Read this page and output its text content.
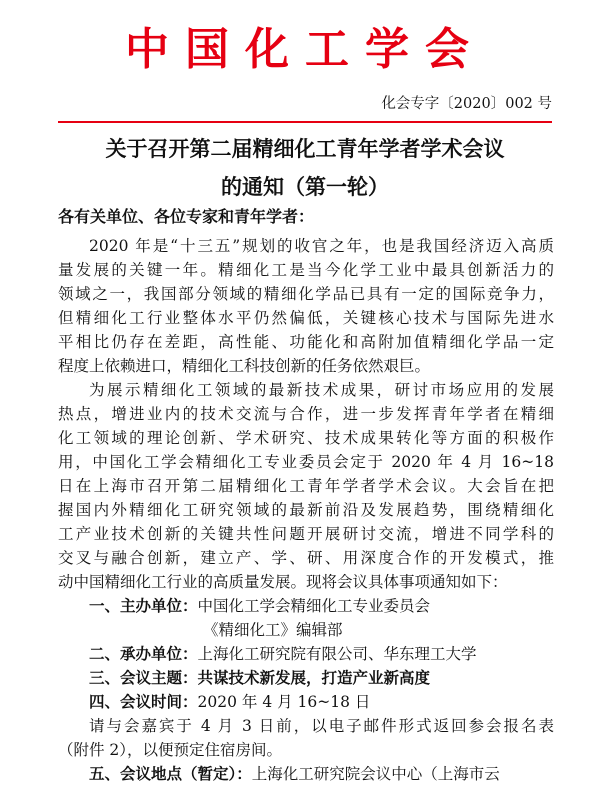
中国化工学会
化会专字〔2020〕002 号
关于召开第二届精细化工青年学者学术会议
的通知（第一轮）
各有关单位、各位专家和青年学者：
2020 年是“十三五”规划的收官之年，也是我国经济迈入高质
量发展的关键一年。精细化工是当今化学工业中最具创新活力的
领域之一，我国部分领域的精细化学品已具有一定的国际竞争力，
但精细化工行业整体水平仍然偏低，关键核心技术与国际先进水
平相比仍存在差距，高性能、功能化和高附加值精细化学品一定
程度上依赖进口，精细化工科技创新的任务依然艰巨。
为展示精细化工领域的最新技术成果，研讨市场应用的发展
热点，增进业内的技术交流与合作，进一步发挥青年学者在精细
化工领域的理论创新、学术研究、技术成果转化等方面的积极作
用，中国化工学会精细化工专业委员会定于 2020 年 4 月 16~18
日在上海市召开第二届精细化工青年学者学术会议。大会旨在把
握国内外精细化工研究领域的最新前沿及发展趋势，围绕精细化
工产业技术创新的关键共性问题开展研讨交流，增进不同学科的
交叉与融合创新，建立产、学、研、用深度合作的开发模式，推
动中国精细化工行业的高质量发展。现将会议具体事项通知如下：
一、主办单位：中国化工学会精细化工专业委员会
《精细化工》编辑部
二、承办单位：上海化工研究院有限公司、华东理工大学
三、会议主题：共谋技术新发展，打造产业新高度
四、会议时间：2020 年 4 月 16~18 日
请与会嘉宾于 4 月 3 日前，以电子邮件形式返回参会报名表
（附件 2），以便预定住宿房间。
五、会议地点（暂定）：上海化工研究院会议中心（上海市云
